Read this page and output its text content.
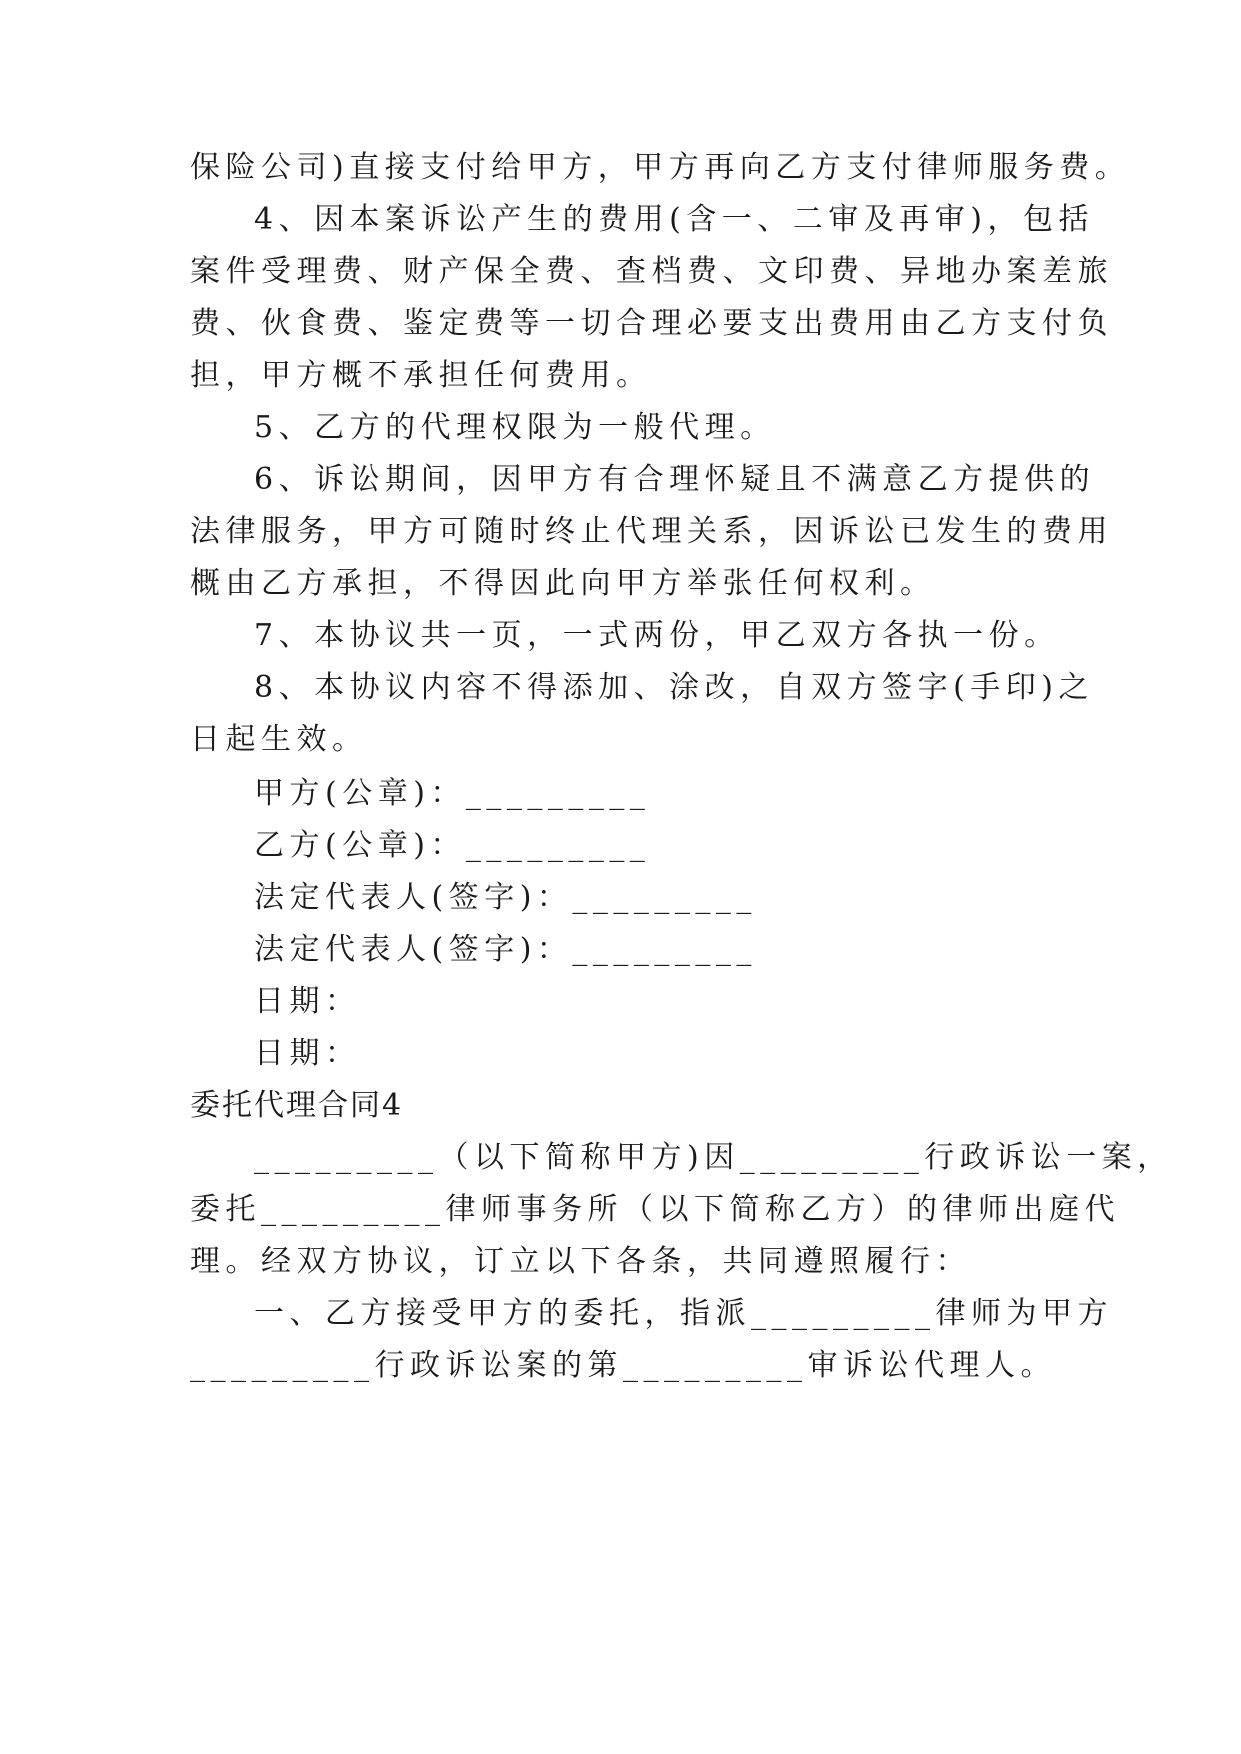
保险公司)直接支付给甲方，甲方再向乙方支付律师服务费。
4、因本案诉讼产生的费用(含一、二审及再审)，包括
案件受理费、财产保全费、查档费、文印费、异地办案差旅
费、伙食费、鉴定费等一切合理必要支出费用由乙方支付负
担，甲方概不承担任何费用。
5、乙方的代理权限为一般代理。
6、诉讼期间，因甲方有合理怀疑且不满意乙方提供的
法律服务，甲方可随时终止代理关系，因诉讼已发生的费用
概由乙方承担，不得因此向甲方举张任何权利。
7、本协议共一页，一式两份，甲乙双方各执一份。
8、本协议内容不得添加、涂改，自双方签字(手印)之
日起生效。
甲方(公章)：_________
乙方(公章)：_________
法定代表人(签字)：_________
法定代表人(签字)：_________
日期：
日期：
委托代理合同4
_________（以下简称甲方)因_________行政诉讼一案，
委托_________律师事务所（以下简称乙方）的律师出庭代
理。经双方协议，订立以下各条，共同遵照履行：
一、乙方接受甲方的委托，指派_________律师为甲方
_________行政诉讼案的第_________审诉讼代理人。
